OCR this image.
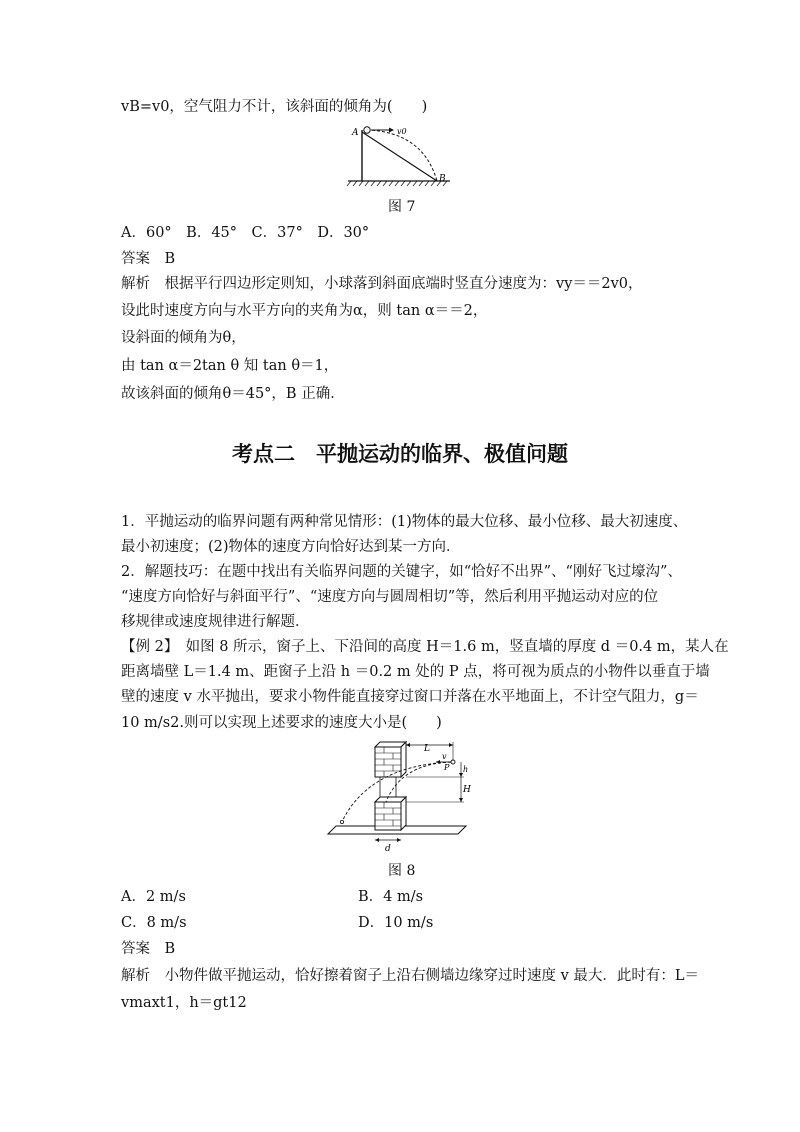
vB=v0，空气阻力不计，该斜面的倾角为(　　)
A	v0
B
图 7
A．60°　B．45°　C．37°　D．30°
答案　B
解析　根据平行四边形定则知，小球落到斜面底端时竖直分速度为：vy＝＝2v0，
设此时速度方向与水平方向的夹角为α，则 tan α＝＝2，
设斜面的倾角为θ，
由 tan α＝2tan θ 知 tan θ＝1，
故该斜面的倾角θ＝45°，B 正确．
考点二　平抛运动的临界、极值问题
1．平抛运动的临界问题有两种常见情形：(1)物体的最大位移、最小位移、最大初速度、
最小初速度；(2)物体的速度方向恰好达到某一方向．
2．解题技巧：在题中找出有关临界问题的关键字，如“恰好不出界”、“刚好飞过壕沟”、
“速度方向恰好与斜面平行”、“速度方向与圆周相切”等，然后利用平抛运动对应的位
移规律或速度规律进行解题．
【例 2】　如图 8 所示，窗子上、下沿间的高度 H＝1.6 m，竖直墙的厚度 d ＝0.4 m，某人在
距离墙壁 L＝1.4 m、距窗子上沿 h ＝0.2 m 处的 P 点，将可视为质点的小物件以垂直于墙
壁的速度 v 水平抛出，要求小物件能直接穿过窗口并落在水平地面上，不计空气阻力，g＝
10 m/s2.则可以实现上述要求的速度大小是(　　)
L
v
P h
H
d
图 8
A．2 m/s	B．4 m/s
C．8 m/s	D．10 m/s
答案　B
解析　小物件做平抛运动，恰好擦着窗子上沿右侧墙边缘穿过时速度 v 最大．此时有：L＝
vmaxt1，h＝gt12
